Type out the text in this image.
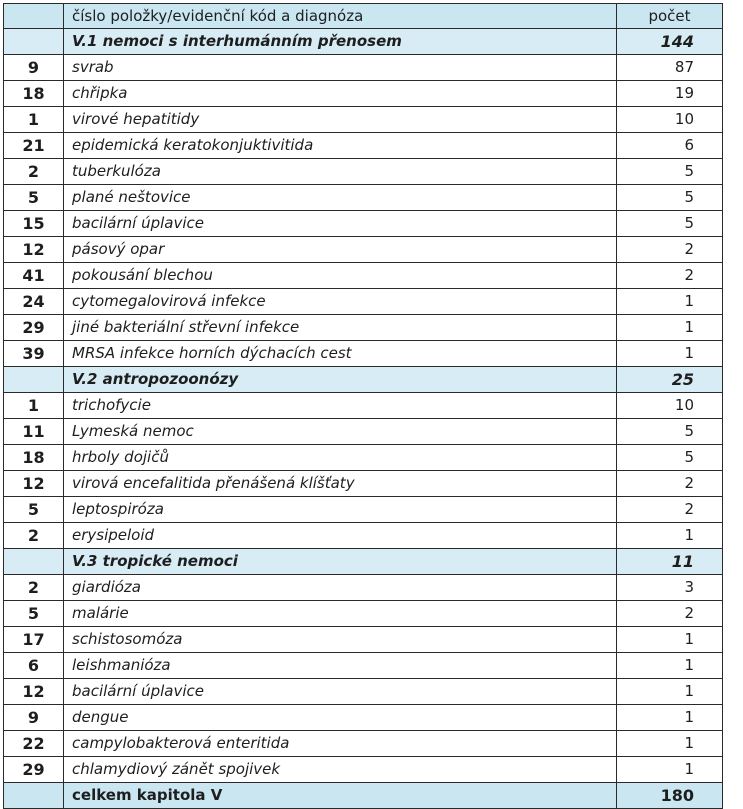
	číslo položky/evidenční kód a diagnóza	počet
	V.1 nemoci s interhumánním přenosem	144
9	svrab	87
18	chřipka	19
1	virové hepatitidy	10
21	epidemická keratokonjuktivitida	6
2	tuberkulóza	5
5	plané neštovice	5
15	bacilární úplavice	5
12	pásový opar	2
41	pokousání blechou	2
24	cytomegalovirová infekce	1
29	jiné bakteriální střevní infekce	1
39	MRSA infekce horních dýchacích cest	1
	V.2 antropozoonózy	25
1	trichofycie	10
11	Lymeská nemoc	5
18	hrboly dojičů	5
12	virová encefalitida přenášená klíšťaty	2
5	leptospiróza	2
2	erysipeloid	1
	V.3 tropické nemoci	11
2	giardióza	3
5	malárie	2
17	schistosomóza	1
6	leishmanióza	1
12	bacilární úplavice	1
9	dengue	1
22	campylobakterová enteritida	1
29	chlamydiový zánět spojivek	1
	celkem kapitola V	180
